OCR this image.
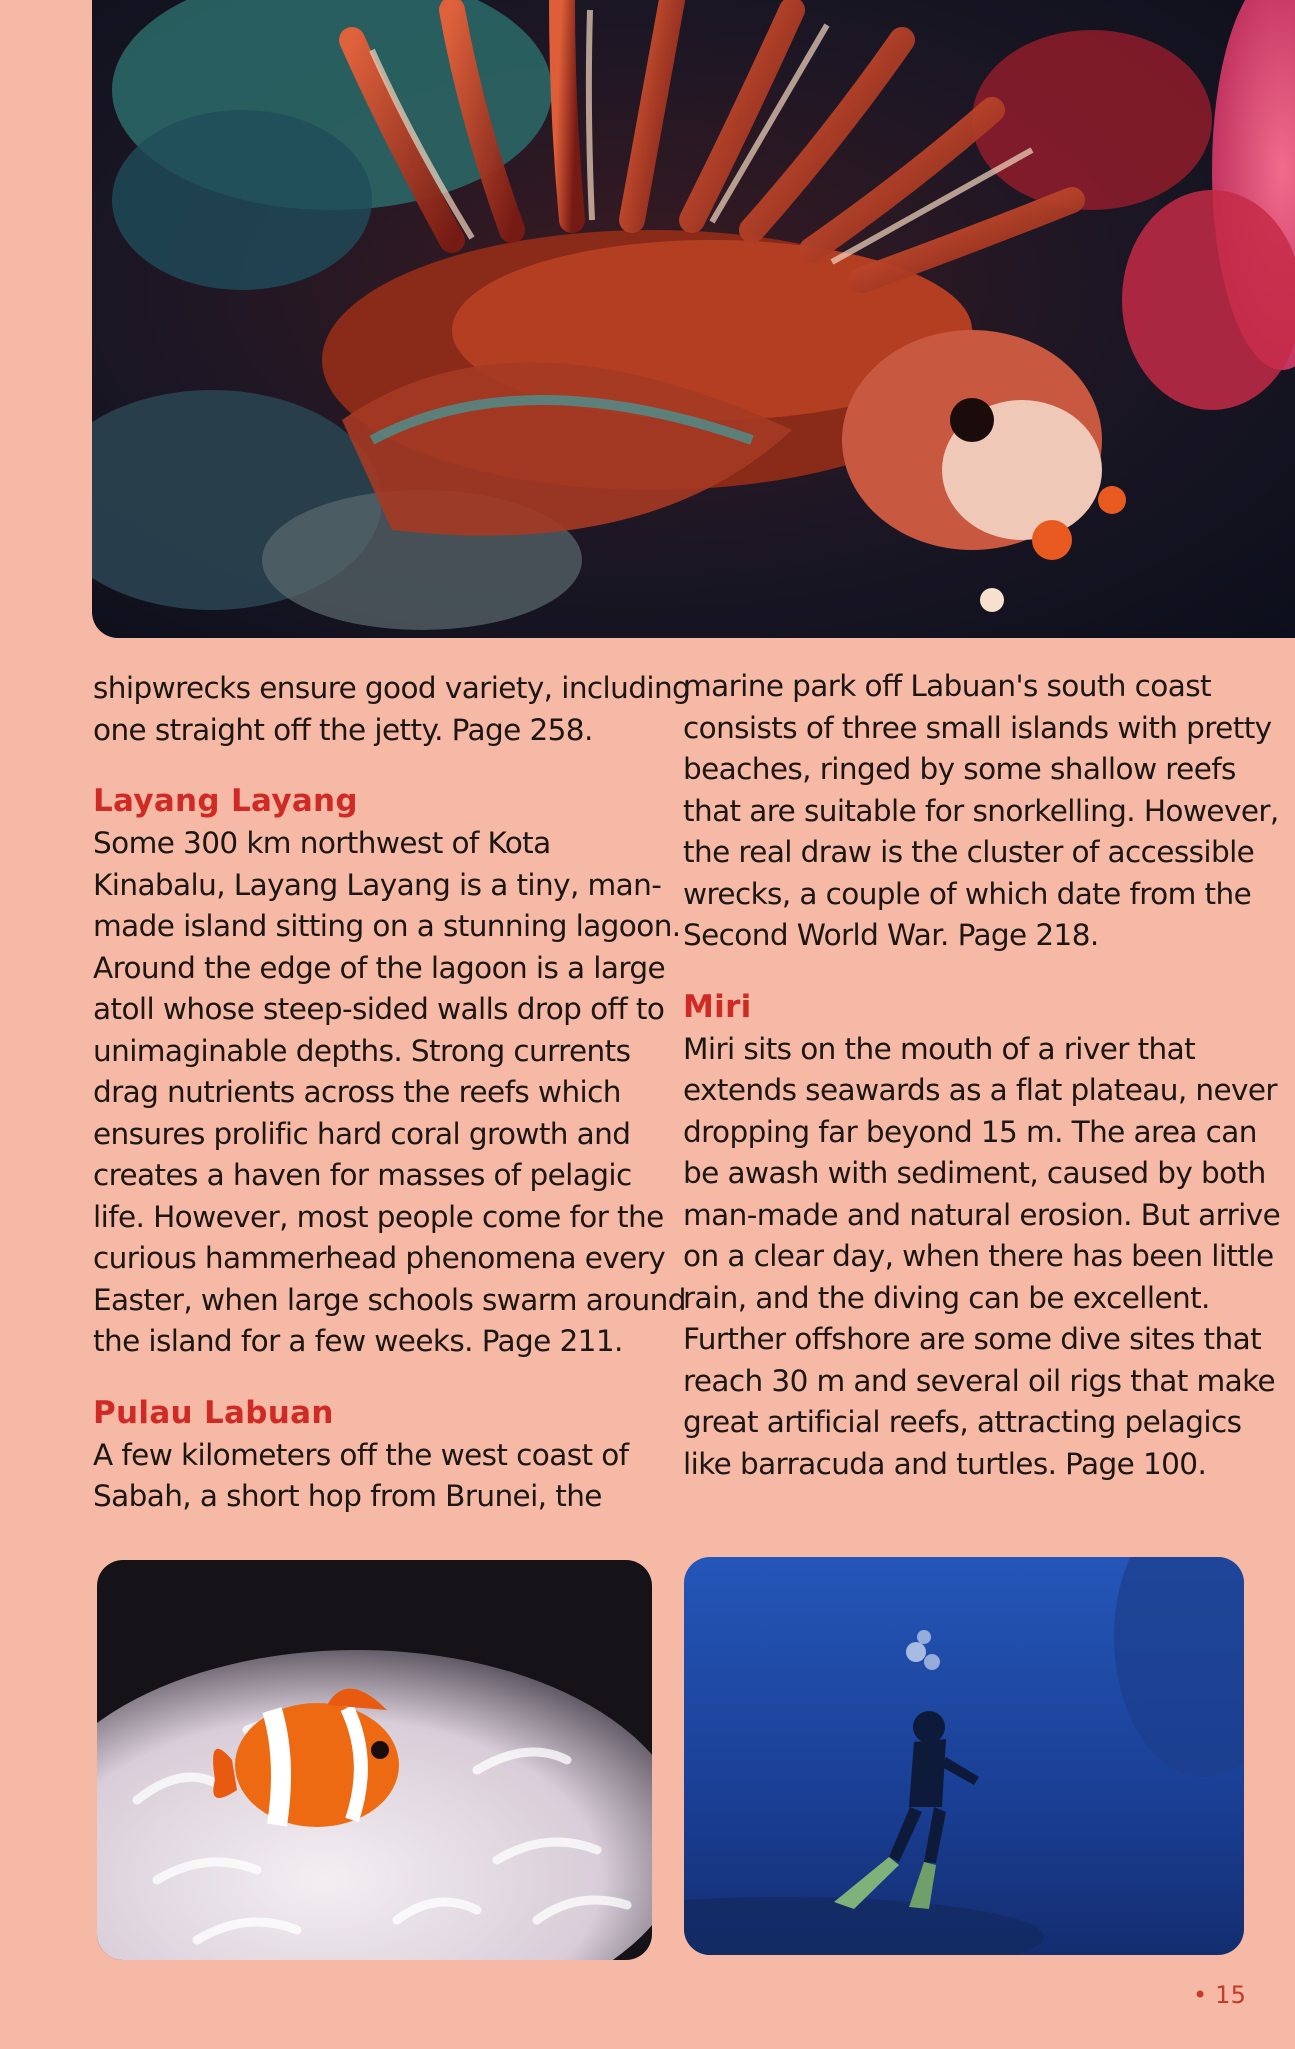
shipwrecks ensure good variety, including
one straight off the jetty. Page 258.

Layang Layang

Some 300 km northwest of Kota
Kinabalu, Layang Layang is a tiny, man-
made island sitting on a stunning lagoon.
Around the edge of the lagoon is a large
atoll whose steep-sided walls drop off to
unimaginable depths. Strong currents
drag nutrients across the reefs which
ensures prolific hard coral growth and
creates a haven for masses of pelagic
life. However, most people come for the
curious hammerhead phenomena every
Easter, when large schools swarm around
the island for a few weeks. Page 211.

Pulau Labuan

A few kilometers off the west coast of
Sabah, a short hop from Brunei, the

marine park off Labuan's south coast
consists of three small islands with pretty
beaches, ringed by some shallow reefs
that are suitable for snorkelling. However,
the real draw is the cluster of accessible
wrecks, a couple of which date from the
Second World War. Page 218.

Miri

Miri sits on the mouth of a river that
extends seawards as a flat plateau, never
dropping far beyond 15 m. The area can
be awash with sediment, caused by both
man-made and natural erosion. But arrive
on a clear day, when there has been little
rain, and the diving can be excellent.
Further offshore are some dive sites that
reach 30 m and several oil rigs that make
great artificial reefs, attracting pelagics
like barracuda and turtles. Page 100.

• 15
